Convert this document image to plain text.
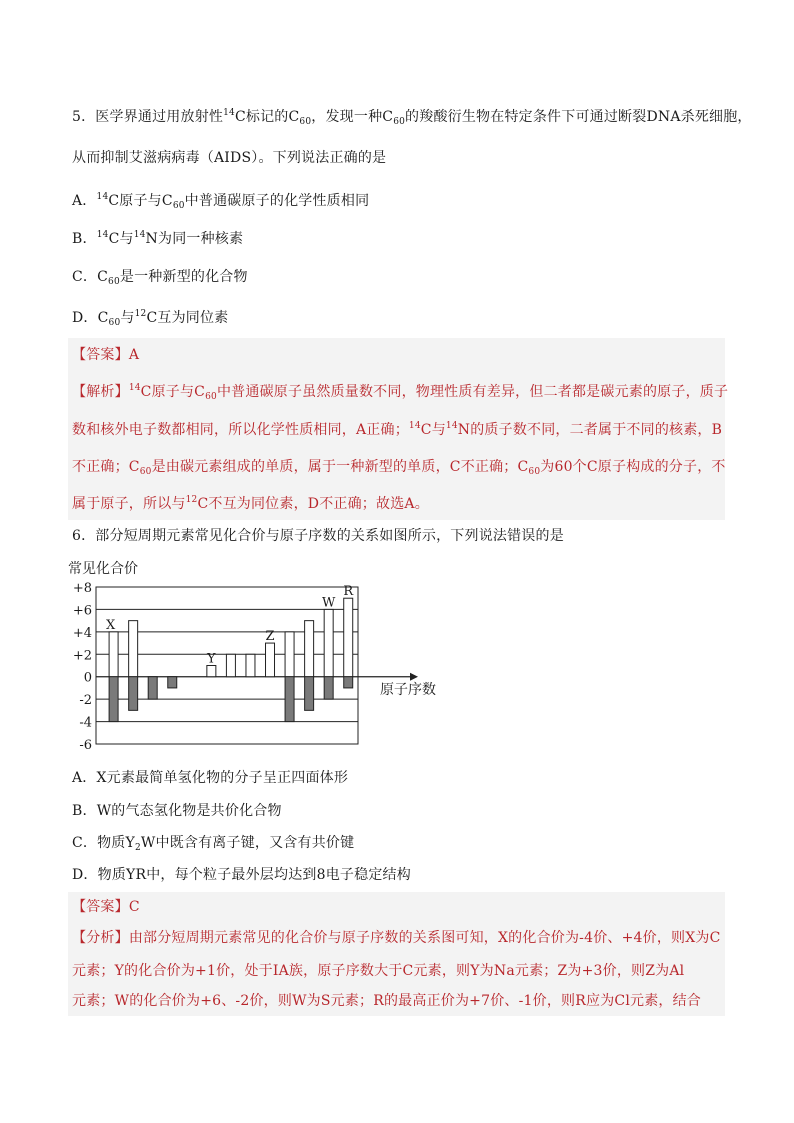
5．医学界通过用放射性$^{14}$C标记的$C_{60}$，发现一种$C_{60}$的羧酸衍生物在特定条件下可通过断裂DNA杀死细胞，
从而抑制艾滋病病毒（AIDS）。下列说法正确的是
A．$^{14}$C原子与$C_{60}$中普通碳原子的化学性质相同
B．$^{14}$C与$^{14}$N为同一种核素
C．$C_{60}$是一种新型的化合物
D．$C_{60}$与$^{12}$C互为同位素
【答案】A
【解析】$^{14}$C原子与$C_{60}$中普通碳原子虽然质量数不同，物理性质有差异，但二者都是碳元素的原子，质子
数和核外电子数都相同，所以化学性质相同，A正确；$^{14}$C与$^{14}$N的质子数不同，二者属于不同的核素，B
不正确；$C_{60}$是由碳元素组成的单质，属于一种新型的单质，C不正确；$C_{60}$为60个C原子构成的分子，不
属于原子，所以与$^{12}$C不互为同位素，D不正确；故选A。
6．部分短周期元素常见化合价与原子序数的关系如图所示，下列说法错误的是
+8
+6
+4
+2
0
-2
-4
-6
X
Y
Z
W
R
常见化合价
原子序数
A．X元素最简单氢化物的分子呈正四面体形
B．W的气态氢化物是共价化合物
C．物质$Y_2W$中既含有离子键，又含有共价键
D．物质YR中，每个粒子最外层均达到8电子稳定结构
【答案】C
【分析】由部分短周期元素常见的化合价与原子序数的关系图可知，X的化合价为-4价、+4价，则X为C
元素；Y的化合价为+1价，处于ⅠA族，原子序数大于C元素，则Y为Na元素；Z为+3价，则Z为Al
元素；W的化合价为+6、-2价，则W为S元素；R的最高正价为+7价、-1价，则R应为Cl元素，结合
